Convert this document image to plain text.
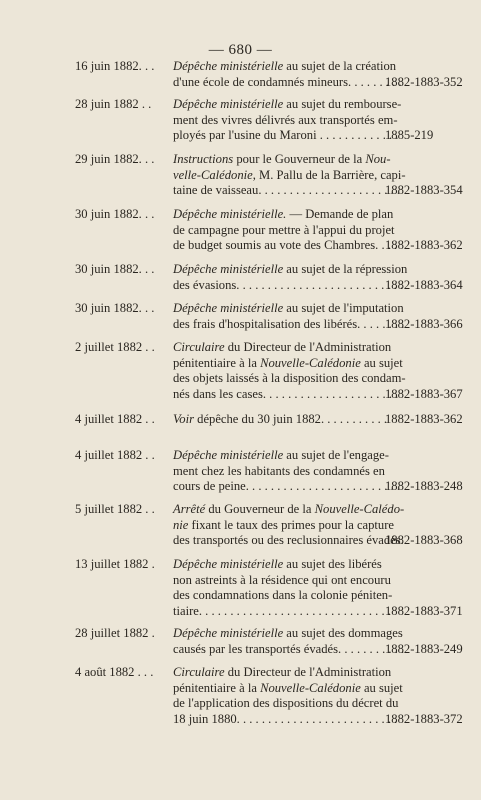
— 680 —
16 juin 1882. . . Dépêche ministérielle au sujet de la création

d'une école de condamnés mineurs. . . . . . . . .

1882-1883-352
28 juin 1882 . . Dépêche ministérielle au sujet du rembourse-

ment des vivres délivrés aux transportés em-

ployés par l'usine du Maroni . . . . . . . . . . . . .

1885-219
29 juin 1882. . . Instructions pour le Gouverneur de la Nou-

velle-Calédonie, M. Pallu de la Barrière, capi-

taine de vaisseau. . . . . . . . . . . . . . . . . . . . . . .

1882-1883-354
30 juin 1882. . . Dépêche ministérielle. — Demande de plan

de campagne pour mettre à l'appui du projet

de budget soumis au vote des Chambres. . . .

1882-1883-362
30 juin 1882. . . Dépêche ministérielle au sujet de la répression

des évasions. . . . . . . . . . . . . . . . . . . . . . . . . . .

1882-1883-364
30 juin 1882. . . Dépêche ministérielle au sujet de l'imputation

des frais d'hospitalisation des libérés. . . . . . . .

1882-1883-366
2 juillet 1882 . . Circulaire du Directeur de l'Administration

pénitentiaire à la Nouvelle-Calédonie au sujet

des objets laissés à la disposition des condam-

nés dans les cases. . . . . . . . . . . . . . . . . . . . . .

1882-1883-367
4 juillet 1882 . . Voir dépêche du 30 juin 1882. . . . . . . . . . .

1882-1883-362
4 juillet 1882 . . Dépêche ministérielle au sujet de l'engage-

ment chez les habitants des condamnés en

cours de peine. . . . . . . . . . . . . . . . . . . . . . . . .

1882-1883-248
5 juillet 1882 . . Arrêté du Gouverneur de la Nouvelle-Calédo-

nie fixant le taux des primes pour la capture

des transportés ou des reclusionnaires évadés.

1882-1883-368
13 juillet 1882 . Dépêche ministérielle au sujet des libérés

non astreints à la résidence qui ont encouru

des condamnations dans la colonie péniten-

tiaire. . . . . . . . . . . . . . . . . . . . . . . . . . . . . . .

1882-1883-371
28 juillet 1882 . Dépêche ministérielle au sujet des dommages

causés par les transportés évadés. . . . . . . . . . .

1882-1883-249
4 août 1882 . . . Circulaire du Directeur de l'Administration

pénitentiaire à la Nouvelle-Calédonie au sujet

de l'application des dispositions du décret du

18 juin 1880. . . . . . . . . . . . . . . . . . . . . . . . . .

1882-1883-372
